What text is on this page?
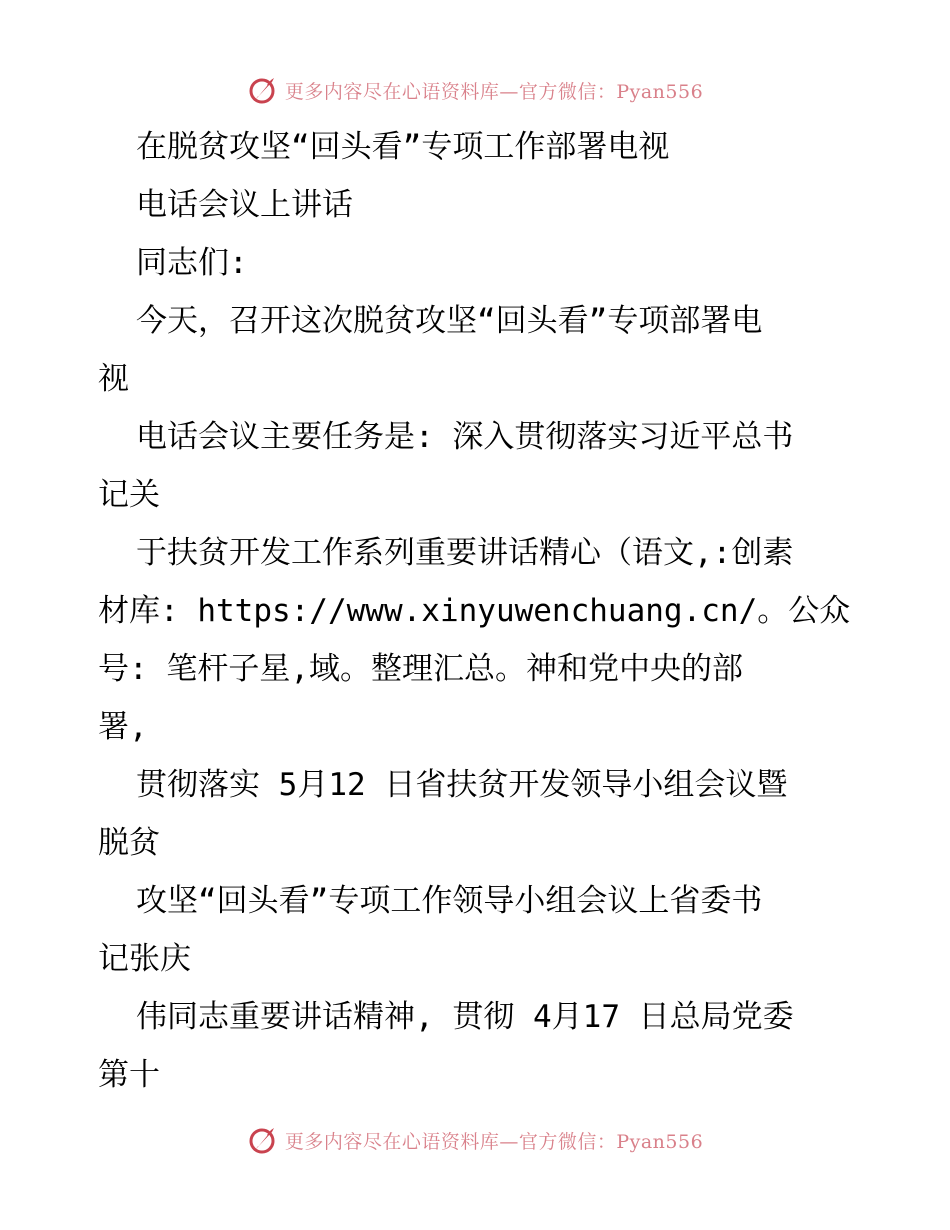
更多内容尽在心语资料库—官方微信：Pyan556
在脱贫攻坚“回头看”专项工作部署电视
电话会议上讲话
同志们:
今天，召开这次脱贫攻坚“回头看”专项部署电
视
电话会议主要任务是: 深入贯彻落实习近平总书
记关
于扶贫开发工作系列重要讲话精心（语文,:创素
材库: https://www.xinyuwenchuang.cn/。公众
号: 笔杆子星,域。整理汇总。神和党中央的部
署,
贯彻落实 5月12 日省扶贫开发领导小组会议暨
脱贫
攻坚“回头看”专项工作领导小组会议上省委书
记张庆
伟同志重要讲话精神, 贯彻 4月17 日总局党委
第十
更多内容尽在心语资料库—官方微信：Pyan556
